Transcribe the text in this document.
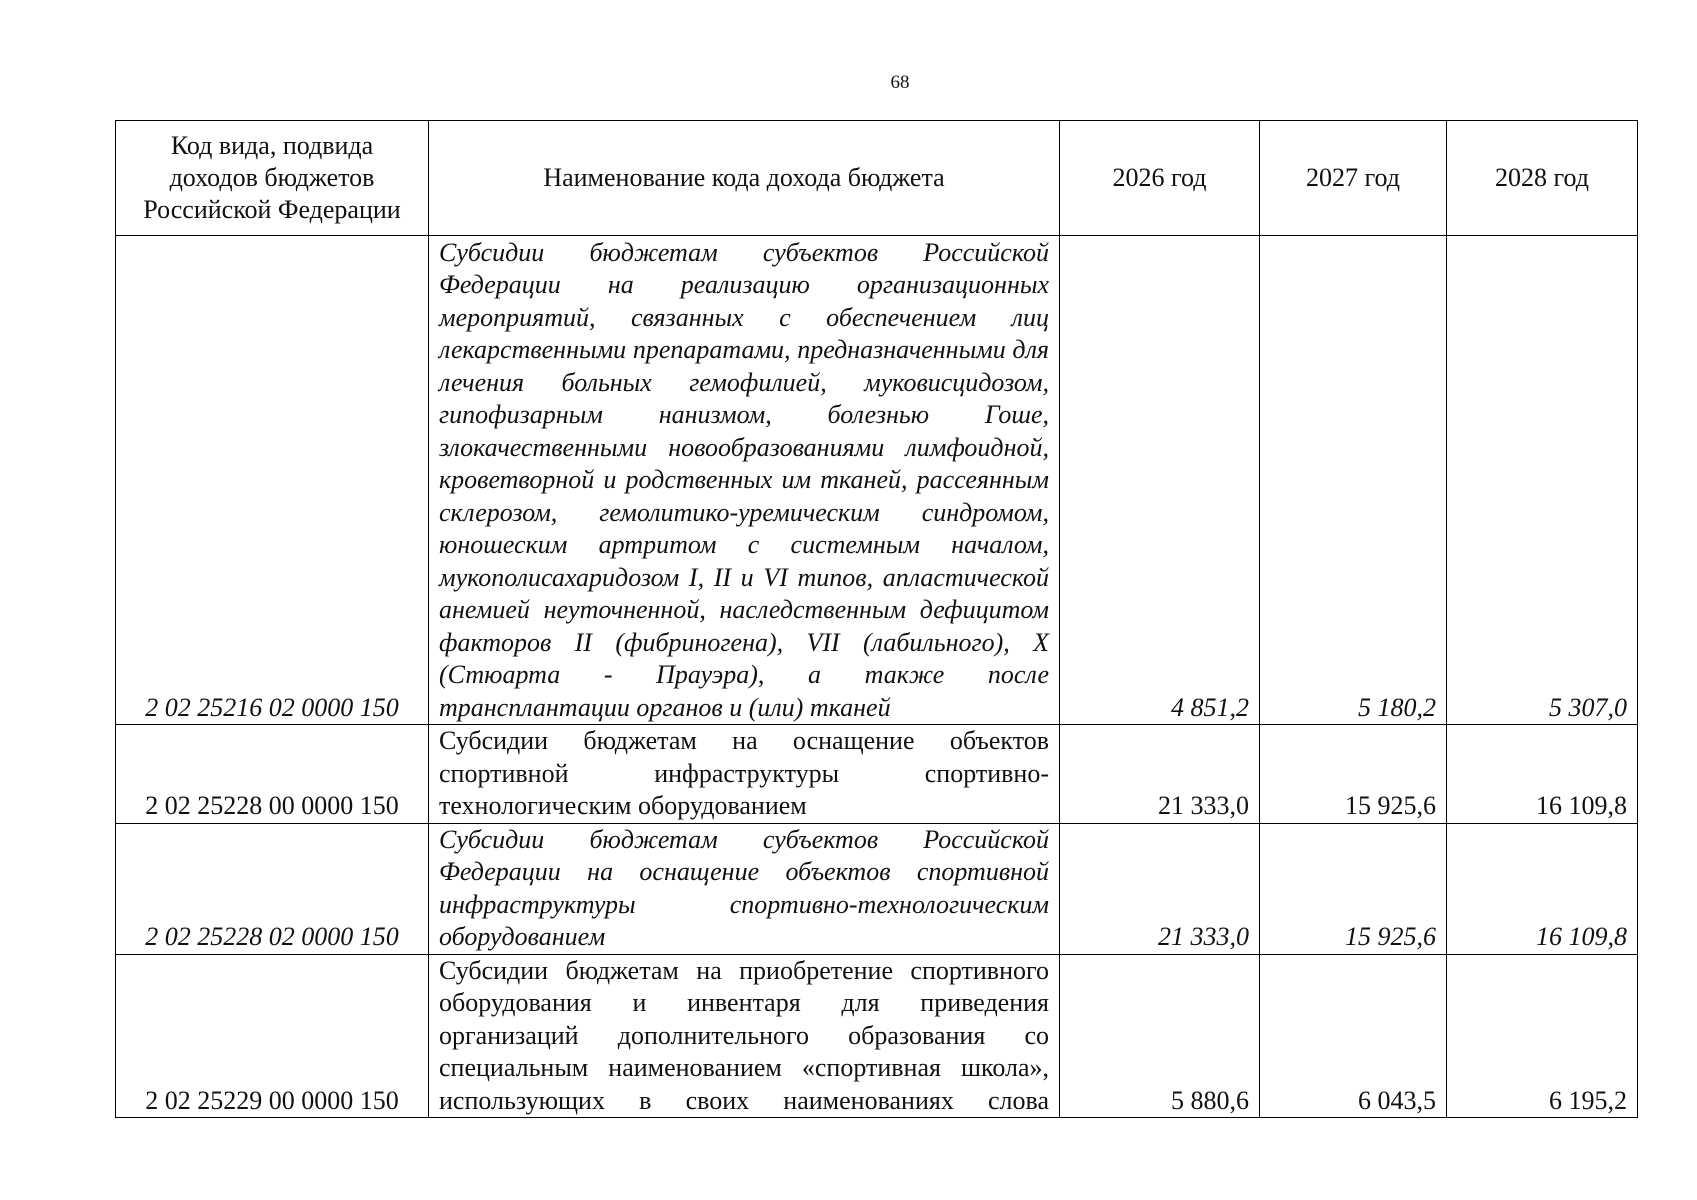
68
Код вида, подвида доходов бюджетов Российской Федерации	Наименование кода дохода бюджета	2026 год	2027 год	2028 год
2 02 25216 02 0000 150	Субсидии бюджетам субъектов Российской Федерации на реализацию организационных мероприятий, связанных с обеспечением лиц лекарственными препаратами, предназначенными для лечения больных гемофилией, муковисцидозом, гипофизарным нанизмом, болезнью Гоше, злокачественными новообразованиями лимфоидной, кроветворной и родственных им тканей, рассеянным склерозом, гемолитико-уремическим синдромом, юношеским артритом с системным началом, мукополисахаридозом I, II и VI типов, апластической анемией неуточненной, наследственным дефицитом факторов II (фибриногена), VII (лабильного), X (Стюарта - Прауэра), а также после трансплантации органов и (или) тканей	4 851,2	5 180,2	5 307,0
2 02 25228 00 0000 150	Субсидии бюджетам на оснащение объектов спортивной инфраструктуры спортивно-технологическим оборудованием	21 333,0	15 925,6	16 109,8
2 02 25228 02 0000 150	Субсидии бюджетам субъектов Российской Федерации на оснащение объектов спортивной инфраструктуры спортивно-технологическим оборудованием	21 333,0	15 925,6	16 109,8
2 02 25229 00 0000 150	Субсидии бюджетам на приобретение спортивного оборудования и инвентаря для приведения организаций дополнительного образования со специальным наименованием «спортивная школа», использующих в своих наименованиях слова	5 880,6	6 043,5	6 195,2
